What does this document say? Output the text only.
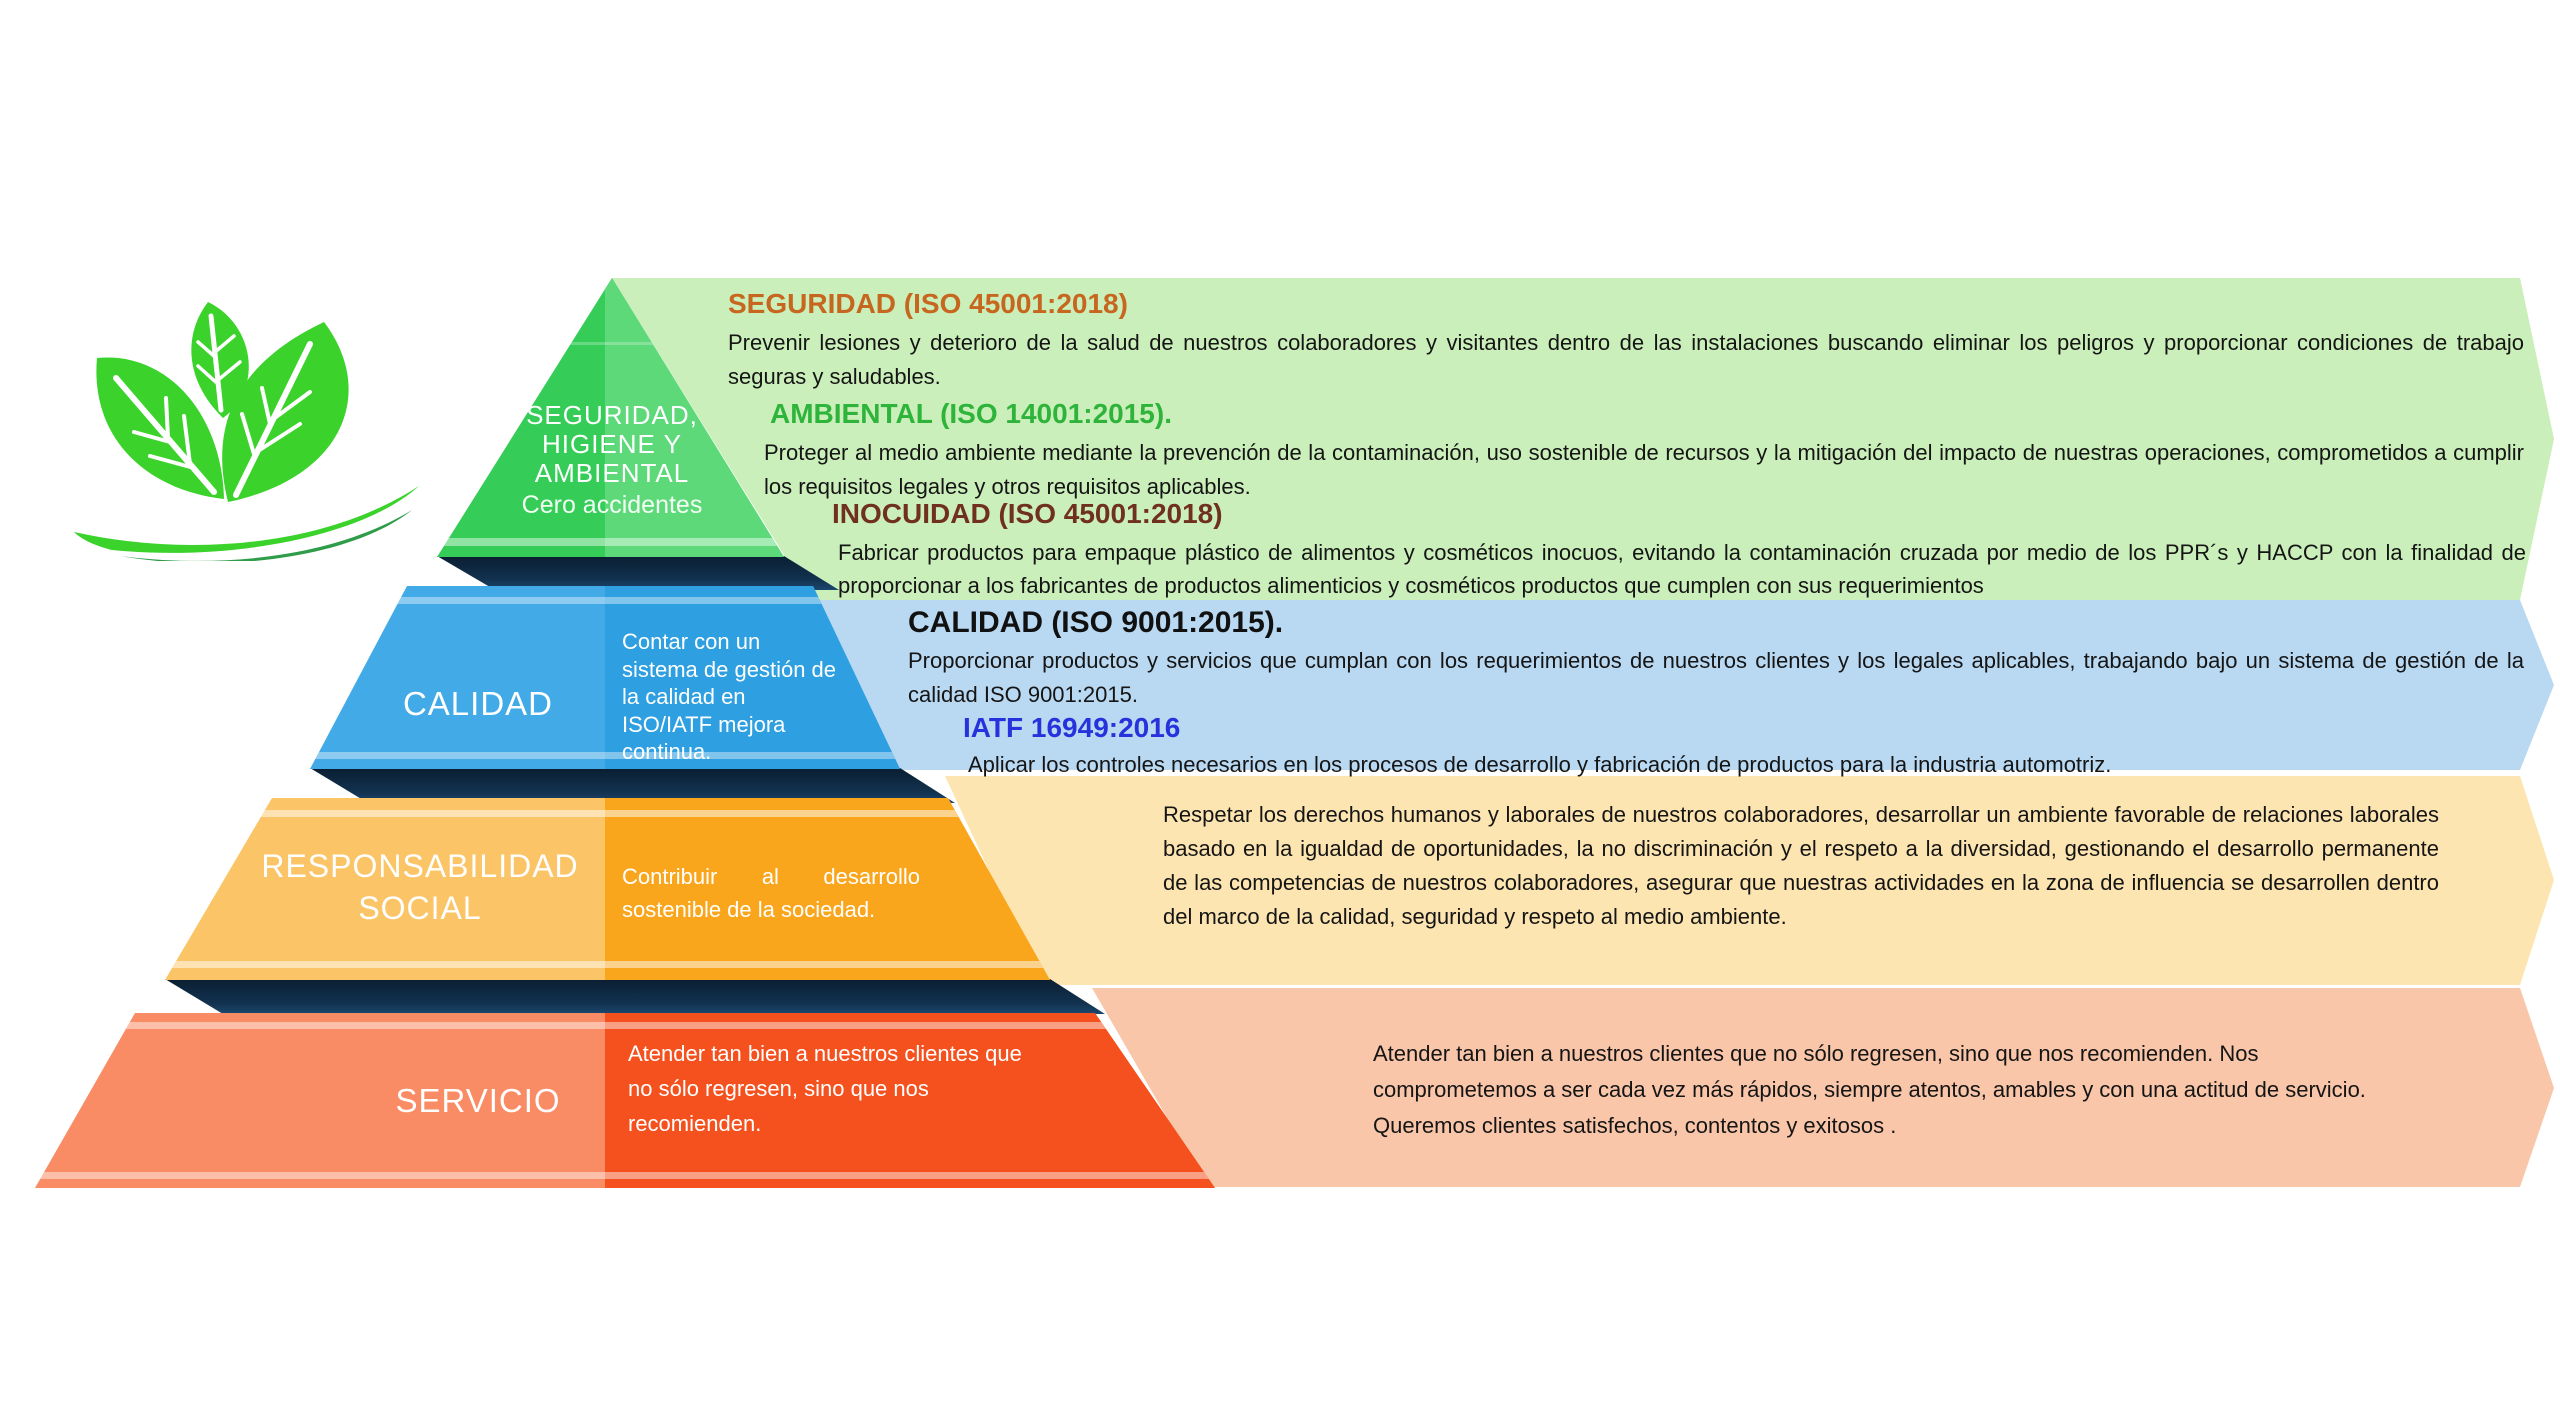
SEGURIDAD,
HIGIENE Y
AMBIENTAL
Cero accidentes
CALIDAD
Contar con un sistema de gestión de la calidad en ISO/IATF mejora continua.
RESPONSABILIDAD SOCIAL
Contribuir al desarrollo sostenible de la sociedad.
SERVICIO
Atender tan bien a nuestros clientes que no sólo regresen, sino que nos recomienden.
SEGURIDAD (ISO 45001:2018)
Prevenir lesiones y deterioro de la salud de nuestros colaboradores y visitantes dentro de las instalaciones buscando eliminar los peligros y proporcionar condiciones de trabajo seguras y saludables.
AMBIENTAL (ISO 14001:2015).
Proteger al medio ambiente mediante la prevención de la contaminación, uso sostenible de recursos y la mitigación del impacto de nuestras operaciones, comprometidos a cumplir los requisitos legales y otros requisitos aplicables.
INOCUIDAD (ISO 45001:2018)
Fabricar productos para empaque plástico de alimentos y cosméticos inocuos, evitando la contaminación cruzada por medio de los PPR´s y HACCP con la finalidad de proporcionar a los fabricantes de productos alimenticios y cosméticos productos que cumplen con sus requerimientos
CALIDAD (ISO 9001:2015).
Proporcionar productos y servicios que cumplan con los requerimientos de nuestros clientes y los legales aplicables, trabajando bajo un sistema de gestión de la calidad ISO 9001:2015.
IATF 16949:2016
Aplicar los controles necesarios en los procesos de desarrollo y fabricación de productos para la industria automotriz.
Respetar los derechos humanos y laborales de nuestros colaboradores, desarrollar un ambiente favorable de relaciones laborales basado en la igualdad de oportunidades, la no discriminación y el respeto a la diversidad, gestionando el desarrollo permanente de las competencias de nuestros colaboradores, asegurar que nuestras actividades en la zona de influencia se desarrollen dentro del marco de la calidad, seguridad y respeto al medio ambiente.
Atender tan bien a nuestros clientes que no sólo regresen, sino que nos recomienden. Nos comprometemos a ser cada vez más rápidos, siempre atentos, amables y con una actitud de servicio. Queremos clientes satisfechos, contentos y exitosos .
